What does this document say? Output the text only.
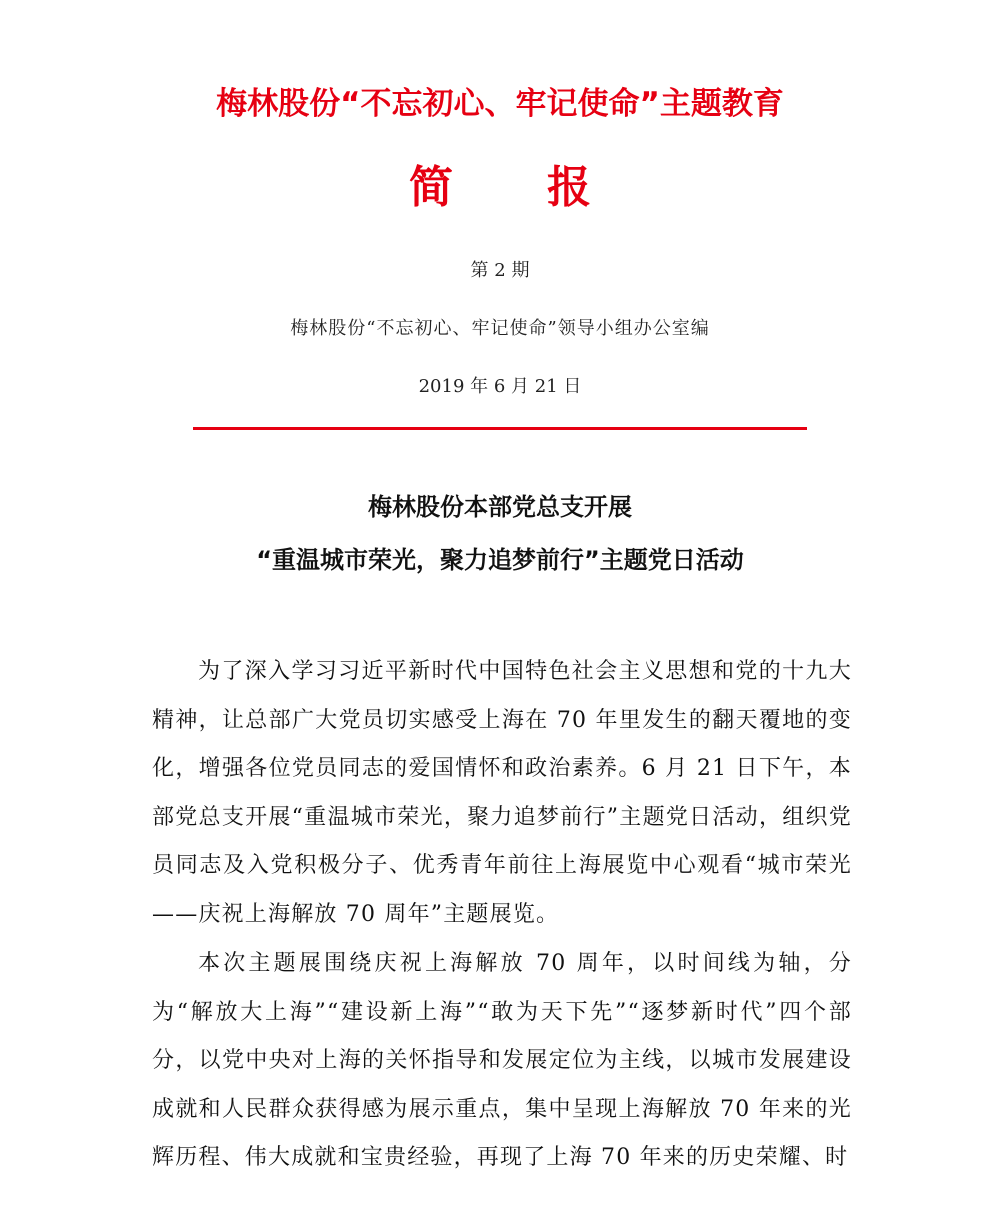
梅林股份“不忘初心、牢记使命”主题教育
简 报
第 2 期
梅林股份“不忘初心、牢记使命”领导小组办公室编
2019 年 6 月 21 日
梅林股份本部党总支开展
“重温城市荣光，聚力追梦前行”主题党日活动

为了深入学习习近平新时代中国特色社会主义思想和党的十九大精神，让总部广大党员切实感受上海在 70 年里发生的翻天覆地的变化，增强各位党员同志的爱国情怀和政治素养。6 月 21 日下午，本部党总支开展“重温城市荣光，聚力追梦前行”主题党日活动，组织党员同志及入党积极分子、优秀青年前往上海展览中心观看“城市荣光——庆祝上海解放 70 周年”主题展览。

本次主题展围绕庆祝上海解放 70 周年，以时间线为轴，分为“解放大上海”“建设新上海”“敢为天下先”“逐梦新时代”四个部分，以党中央对上海的关怀指导和发展定位为主线，以城市发展建设成就和人民群众获得感为展示重点，集中呈现上海解放 70 年来的光辉历程、伟大成就和宝贵经验，再现了上海 70 年来的历史荣耀、时
